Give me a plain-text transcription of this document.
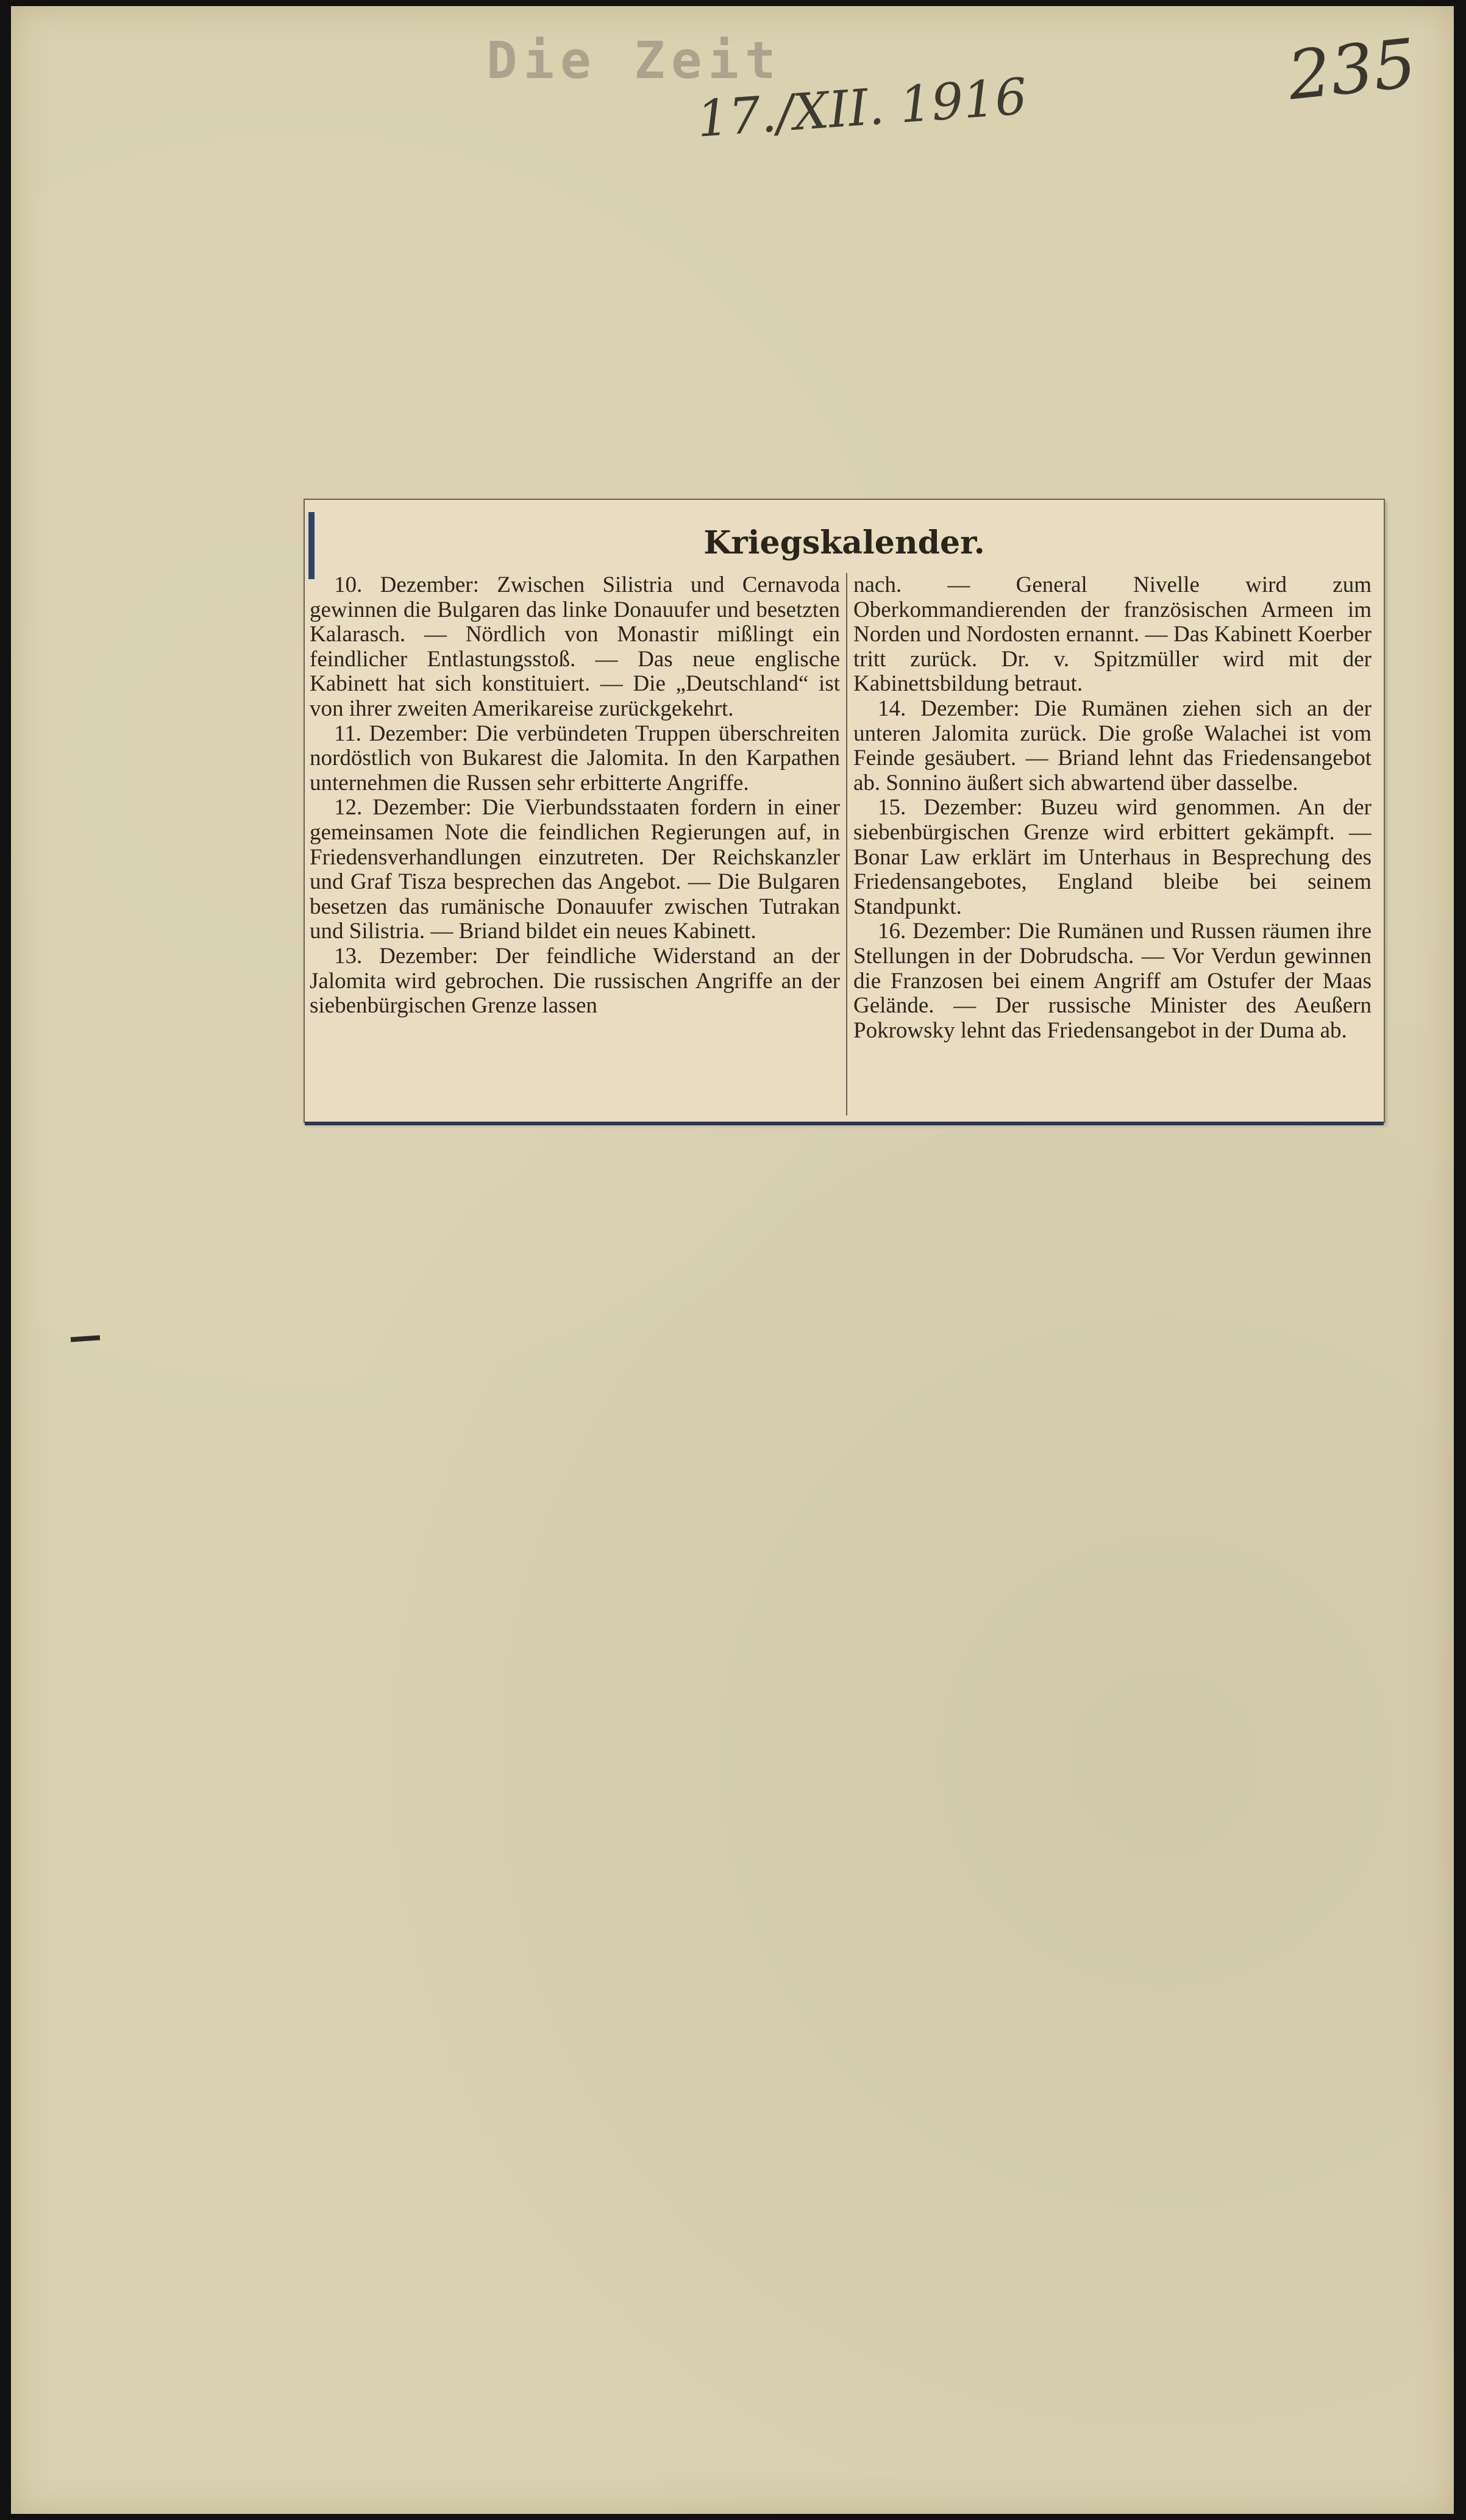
Die Zeit
17./XII. 1916	235
Kriegskalender.

10. Dezember: Zwischen Silistria und Cernavoda gewinnen die Bulgaren das linke Donauufer und besetzten Kalarasch. — Nördlich von Monastir mißlingt ein feindlicher Entlastungsstoß. — Das neue englische Kabinett hat sich konstituiert. — Die „Deutschland“ ist von ihrer zweiten Amerikareise zurückgekehrt.

11. Dezember: Die verbündeten Truppen überschreiten nordöstlich von Bukarest die Jalomita. In den Karpathen unternehmen die Russen sehr erbitterte Angriffe.

12. Dezember: Die Vierbundsstaaten fordern in einer gemeinsamen Note die feindlichen Regierungen auf, in Friedensverhandlungen einzutreten. Der Reichskanzler und Graf Tisza besprechen das Angebot. — Die Bulgaren besetzen das rumänische Donauufer zwischen Tutrakan und Silistria. — Briand bildet ein neues Kabinett.

13. Dezember: Der feindliche Widerstand an der Jalomita wird gebrochen. Die russischen Angriffe an der siebenbürgischen Grenze lassen

nach. — General Nivelle wird zum Oberkommandierenden der französischen Armeen im Norden und Nordosten ernannt. — Das Kabinett Koerber tritt zurück. Dr. v. Spitzmüller wird mit der Kabinettsbildung betraut.

14. Dezember: Die Rumänen ziehen sich an der unteren Jalomita zurück. Die große Walachei ist vom Feinde gesäubert. — Briand lehnt das Friedensangebot ab. Sonnino äußert sich abwartend über dasselbe.

15. Dezember: Buzeu wird genommen. An der siebenbürgischen Grenze wird erbittert gekämpft. — Bonar Law erklärt im Unterhaus in Besprechung des Friedensangebotes, England bleibe bei seinem Standpunkt.

16. Dezember: Die Rumänen und Russen räumen ihre Stellungen in der Dobrudscha. — Vor Verdun gewinnen die Franzosen bei einem Angriff am Ostufer der Maas Gelände. — Der russische Minister des Aeußern Pokrowsky lehnt das Friedensangebot in der Duma ab.
